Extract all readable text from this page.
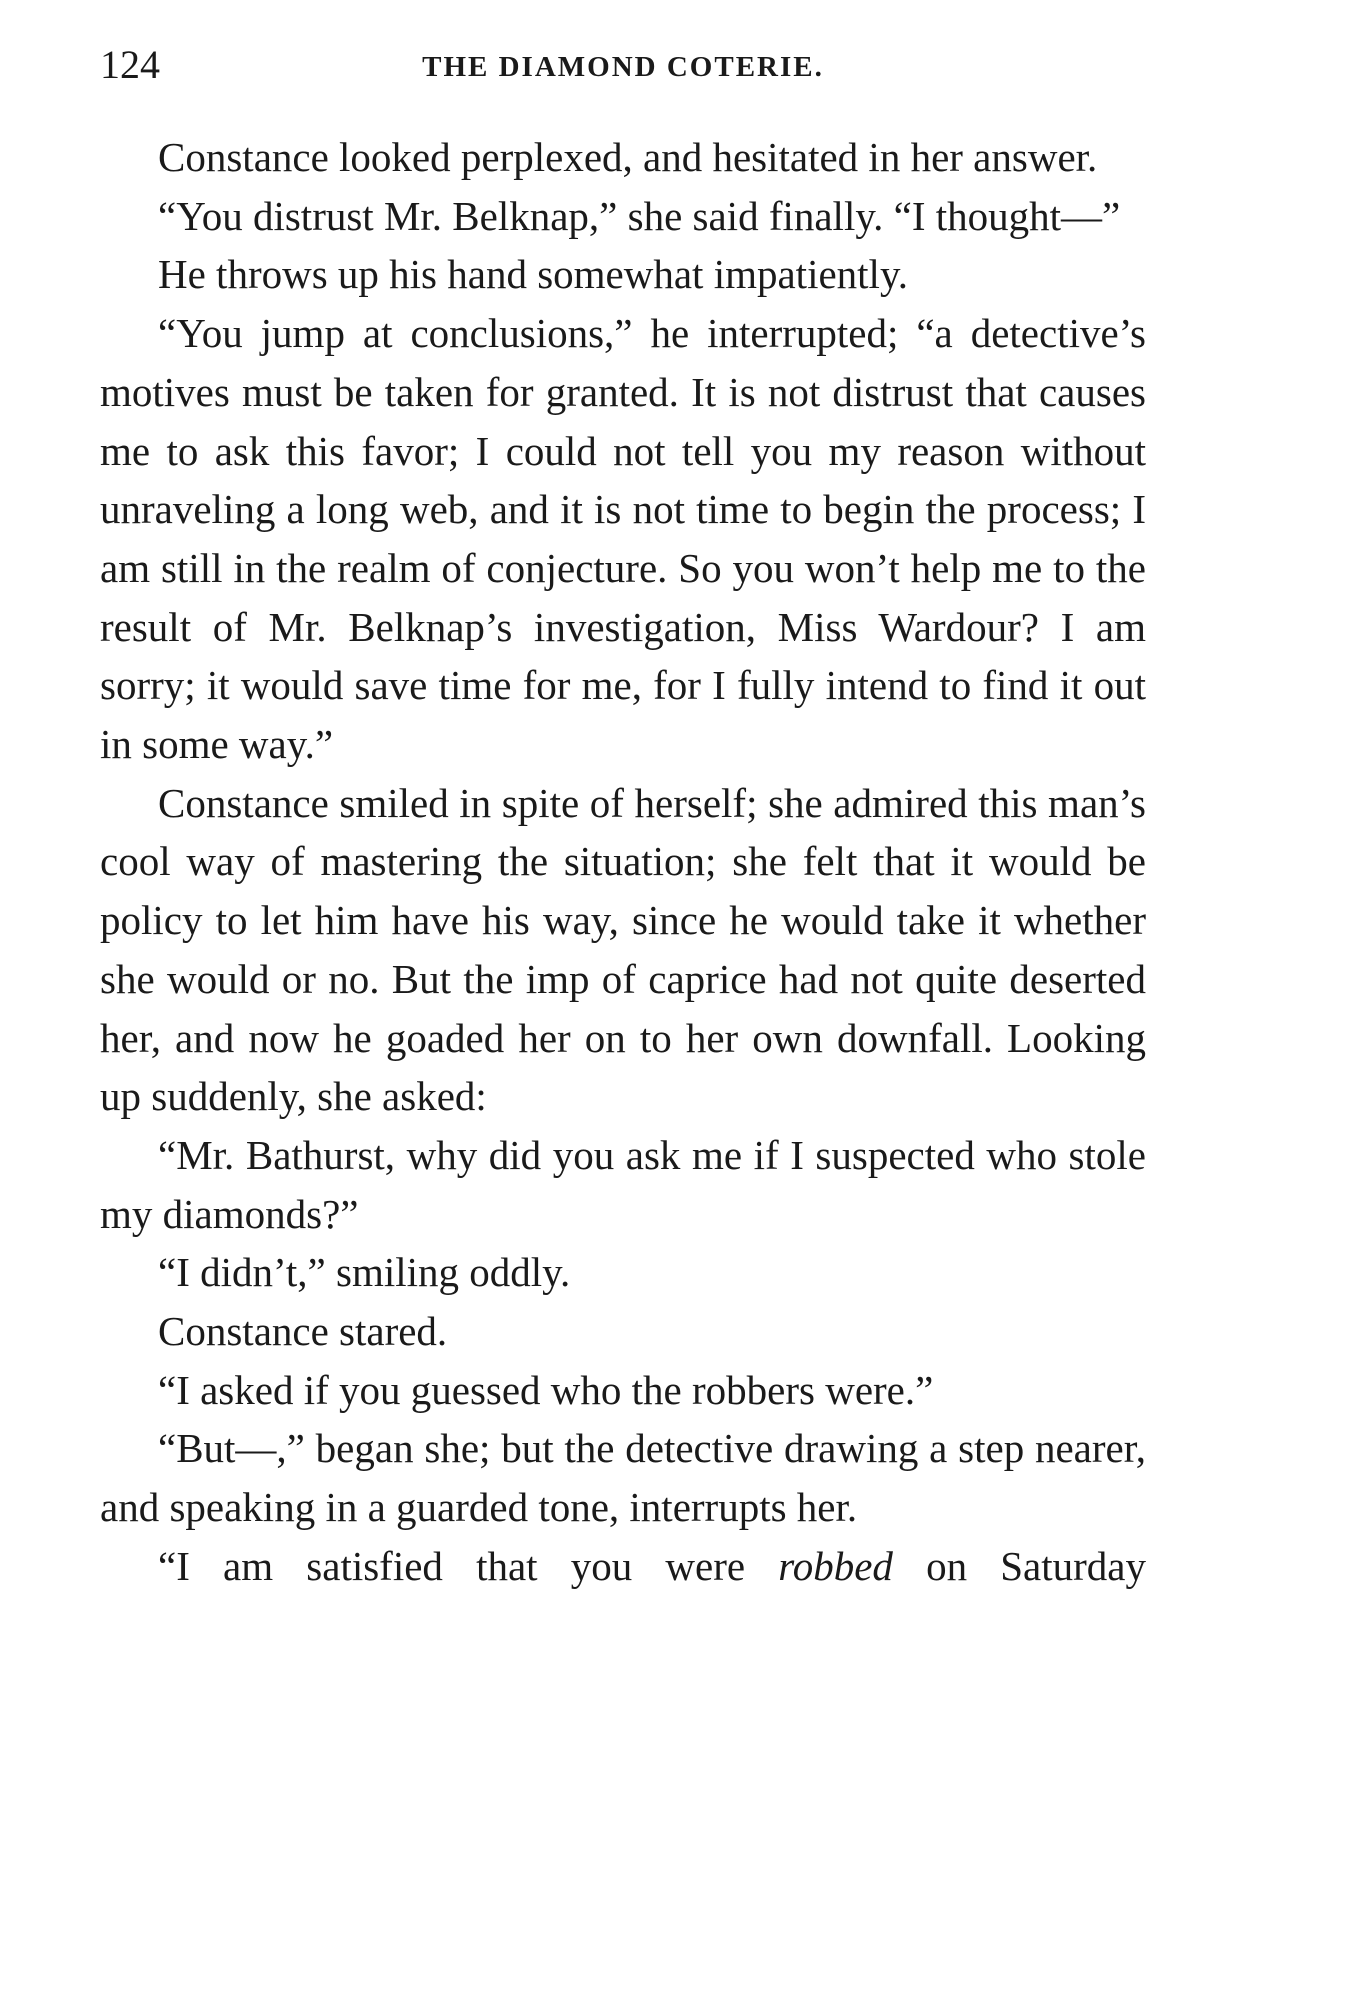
124	THE DIAMOND COTERIE.

Constance looked perplexed, and hesitated in her answer.

“You distrust Mr. Belknap,” she said finally. “I thought—”

He throws up his hand somewhat impatiently.

“You jump at conclusions,” he interrupted; “a detective’s motives must be taken for granted. It is not distrust that causes me to ask this favor; I could not tell you my reason without unraveling a long web, and it is not time to begin the process; I am still in the realm of conjecture. So you won’t help me to the result of Mr. Belknap’s investigation, Miss Wardour? I am sorry; it would save time for me, for I fully intend to find it out in some way.”

Constance smiled in spite of herself; she admired this man’s cool way of mastering the situation; she felt that it would be policy to let him have his way, since he would take it whether she would or no. But the imp of caprice had not quite deserted her, and now he goaded her on to her own downfall. Looking up suddenly, she asked:

“Mr. Bathurst, why did you ask me if I suspected who stole my diamonds?”

“I didn’t,” smiling oddly.

Constance stared.

“I asked if you guessed who the robbers were.”

“But—,” began she; but the detective drawing a step nearer, and speaking in a guarded tone, interrupts her.

“I am satisfied that you were robbed on Saturday
